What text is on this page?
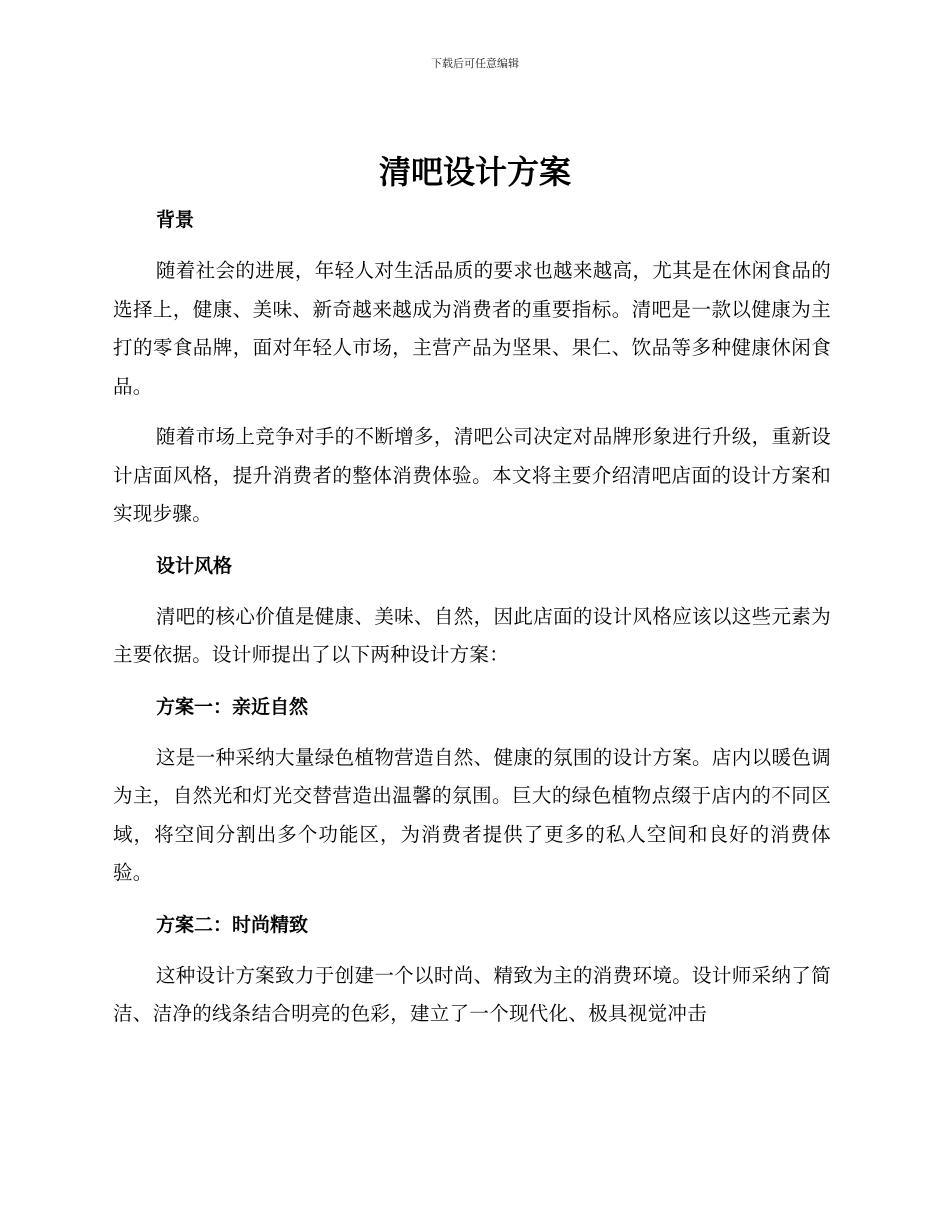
下载后可任意编辑
清吧设计方案
背景

随着社会的进展，年轻人对生活品质的要求也越来越高，尤其是在休闲食品的选择上，健康、美味、新奇越来越成为消费者的重要指标。清吧是一款以健康为主打的零食品牌，面对年轻人市场，主营产品为坚果、果仁、饮品等多种健康休闲食品。

随着市场上竞争对手的不断增多，清吧公司决定对品牌形象进行升级，重新设计店面风格，提升消费者的整体消费体验。本文将主要介绍清吧店面的设计方案和实现步骤。

设计风格

清吧的核心价值是健康、美味、自然，因此店面的设计风格应该以这些元素为主要依据。设计师提出了以下两种设计方案：

方案一：亲近自然

这是一种采纳大量绿色植物营造自然、健康的氛围的设计方案。店内以暖色调为主，自然光和灯光交替营造出温馨的氛围。巨大的绿色植物点缀于店内的不同区域，将空间分割出多个功能区，为消费者提供了更多的私人空间和良好的消费体验。

方案二：时尚精致

这种设计方案致力于创建一个以时尚、精致为主的消费环境。设计师采纳了简洁、洁净的线条结合明亮的色彩，建立了一个现代化、极具视觉冲击
